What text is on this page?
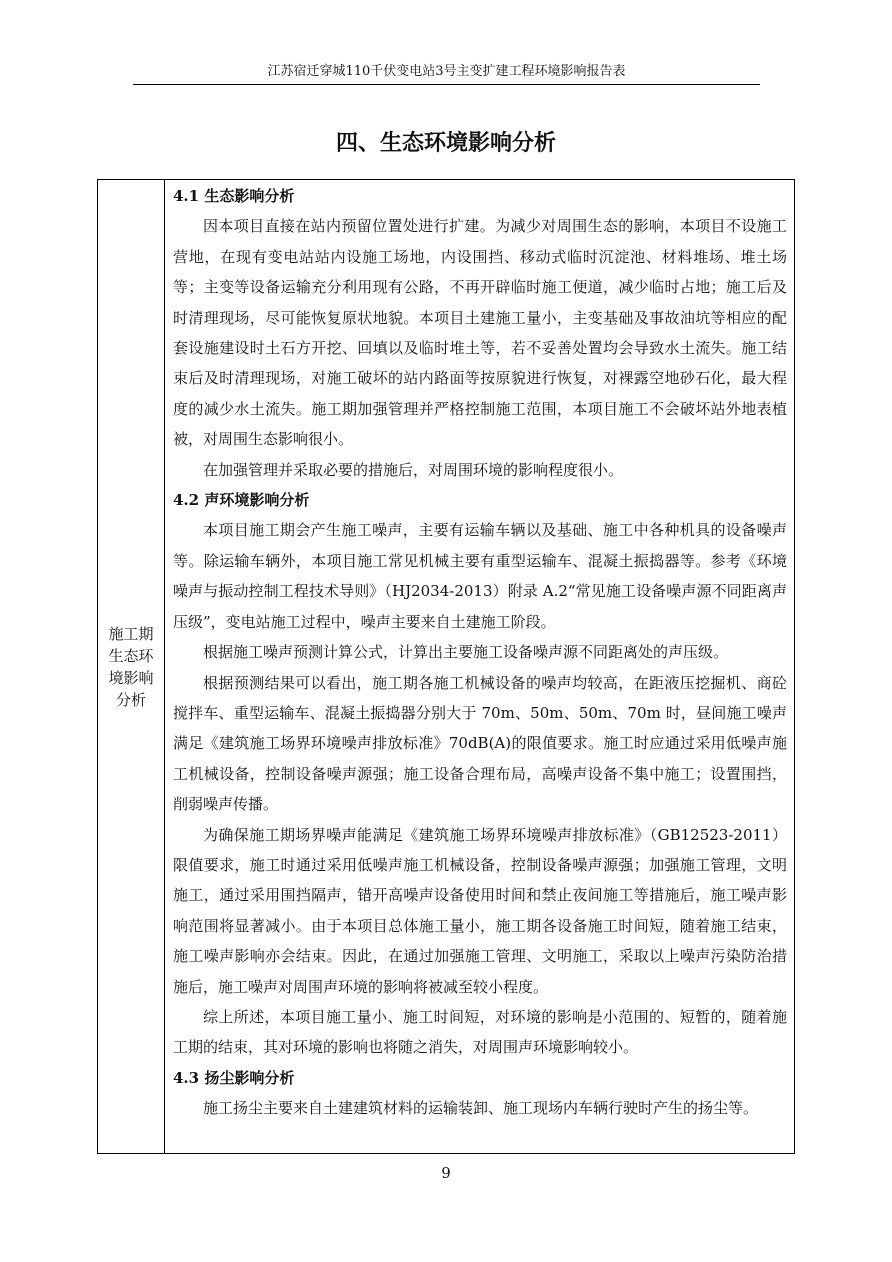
江苏宿迁穿城110千伏变电站3号主变扩建工程环境影响报告表
四、生态环境影响分析
施工期生态环境影响分析
4.1 生态影响分析

因本项目直接在站内预留位置处进行扩建。为减少对周围生态的影响，本项目不设施工营地，在现有变电站站内设施工场地，内设围挡、移动式临时沉淀池、材料堆场、堆土场等；主变等设备运输充分利用现有公路，不再开辟临时施工便道，减少临时占地；施工后及时清理现场，尽可能恢复原状地貌。本项目土建施工量小，主变基础及事故油坑等相应的配套设施建设时土石方开挖、回填以及临时堆土等，若不妥善处置均会导致水土流失。施工结束后及时清理现场，对施工破坏的站内路面等按原貌进行恢复，对裸露空地砂石化，最大程度的减少水土流失。施工期加强管理并严格控制施工范围，本项目施工不会破坏站外地表植被，对周围生态影响很小。

在加强管理并采取必要的措施后，对周围环境的影响程度很小。

4.2 声环境影响分析

本项目施工期会产生施工噪声，主要有运输车辆以及基础、施工中各种机具的设备噪声等。除运输车辆外，本项目施工常见机械主要有重型运输车、混凝土振捣器等。参考《环境噪声与振动控制工程技术导则》（HJ2034-2013）附录 A.2“常见施工设备噪声源不同距离声压级”，变电站施工过程中，噪声主要来自土建施工阶段。

根据施工噪声预测计算公式，计算出主要施工设备噪声源不同距离处的声压级。

根据预测结果可以看出，施工期各施工机械设备的噪声均较高，在距液压挖掘机、商砼搅拌车、重型运输车、混凝土振捣器分别大于 70m、50m、50m、70m 时，昼间施工噪声满足《建筑施工场界环境噪声排放标准》70dB(A)的限值要求。施工时应通过采用低噪声施工机械设备，控制设备噪声源强；施工设备合理布局，高噪声设备不集中施工；设置围挡，削弱噪声传播。

为确保施工期场界噪声能满足《建筑施工场界环境噪声排放标准》（GB12523-2011）限值要求，施工时通过采用低噪声施工机械设备，控制设备噪声源强；加强施工管理，文明施工，通过采用围挡隔声，错开高噪声设备使用时间和禁止夜间施工等措施后，施工噪声影响范围将显著减小。由于本项目总体施工量小，施工期各设备施工时间短，随着施工结束，施工噪声影响亦会结束。因此，在通过加强施工管理、文明施工，采取以上噪声污染防治措施后，施工噪声对周围声环境的影响将被减至较小程度。

综上所述，本项目施工量小、施工时间短，对环境的影响是小范围的、短暂的，随着施工期的结束，其对环境的影响也将随之消失，对周围声环境影响较小。

4.3 扬尘影响分析

施工扬尘主要来自土建建筑材料的运输装卸、施工现场内车辆行驶时产生的扬尘等。

9
